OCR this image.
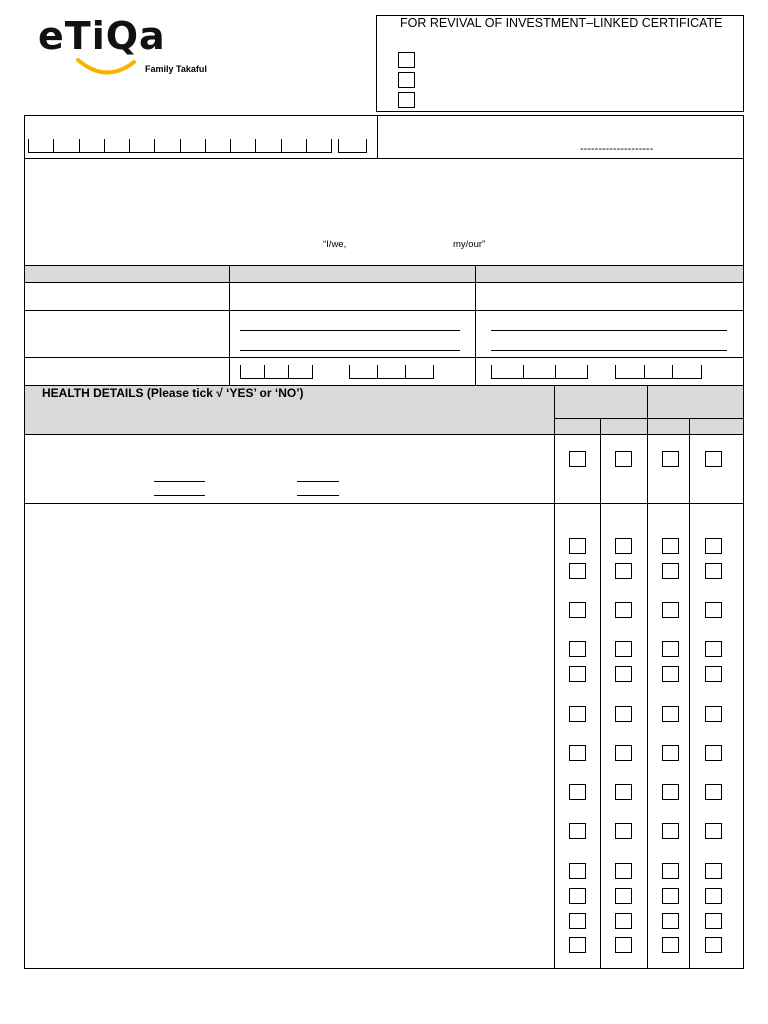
eTiQa
Family Takaful
FOR REVIVAL OF INVESTMENT–LINKED CERTIFICATE
--------------------
“I/we,	my/our”
HEALTH DETAILS (Please tick √ ‘YES’ or ‘NO’)
